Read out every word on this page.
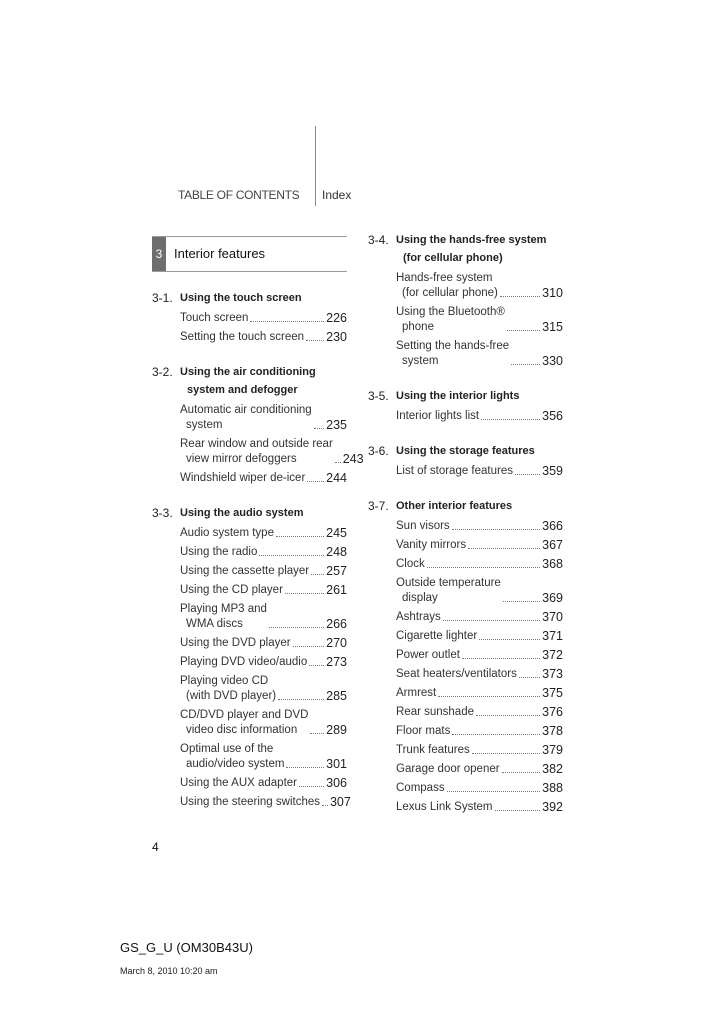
TABLE OF CONTENTS Index
3 Interior features
3-1. Using the touch screen
Touch screen	226
Setting the touch screen 230
3-2. Using the air conditioning
system and defogger
Automatic air conditioning
system	235
Rear window and outside rear
view mirror defoggers	243
Windshield wiper de-icer 244
3-3. Using the audio system
Audio system type	245
Using the radio	248
Using the cassette player 257
Using the CD player	261
Playing MP3 and
WMA discs	266
Using the DVD player	270
Playing DVD video/audio 273
Playing video CD
(with DVD player)	285
CD/DVD player and DVD
video disc information	289
Optimal use of the
audio/video system	301
Using the AUX adapter 306
Using the steering switches 307
3-4. Using the hands-free system
(for cellular phone)
Hands-free system
(for cellular phone)	310
Using the Bluetooth®
phone	315
Setting the hands-free
system	330
3-5. Using the interior lights
Interior lights list	356
3-6. Using the storage features
List of storage features 359
3-7. Other interior features
Sun visors	366
Vanity mirrors	367
Clock	368
Outside temperature
display	369
Ashtrays	370
Cigarette lighter	371
Power outlet	372
Seat heaters/ventilators 373
Armrest	375
Rear sunshade	376
Floor mats	378
Trunk features	379
Garage door opener	382
Compass	388
Lexus Link System	392
4
GS_G_U (OM30B43U)
March 8, 2010 10:20 am
